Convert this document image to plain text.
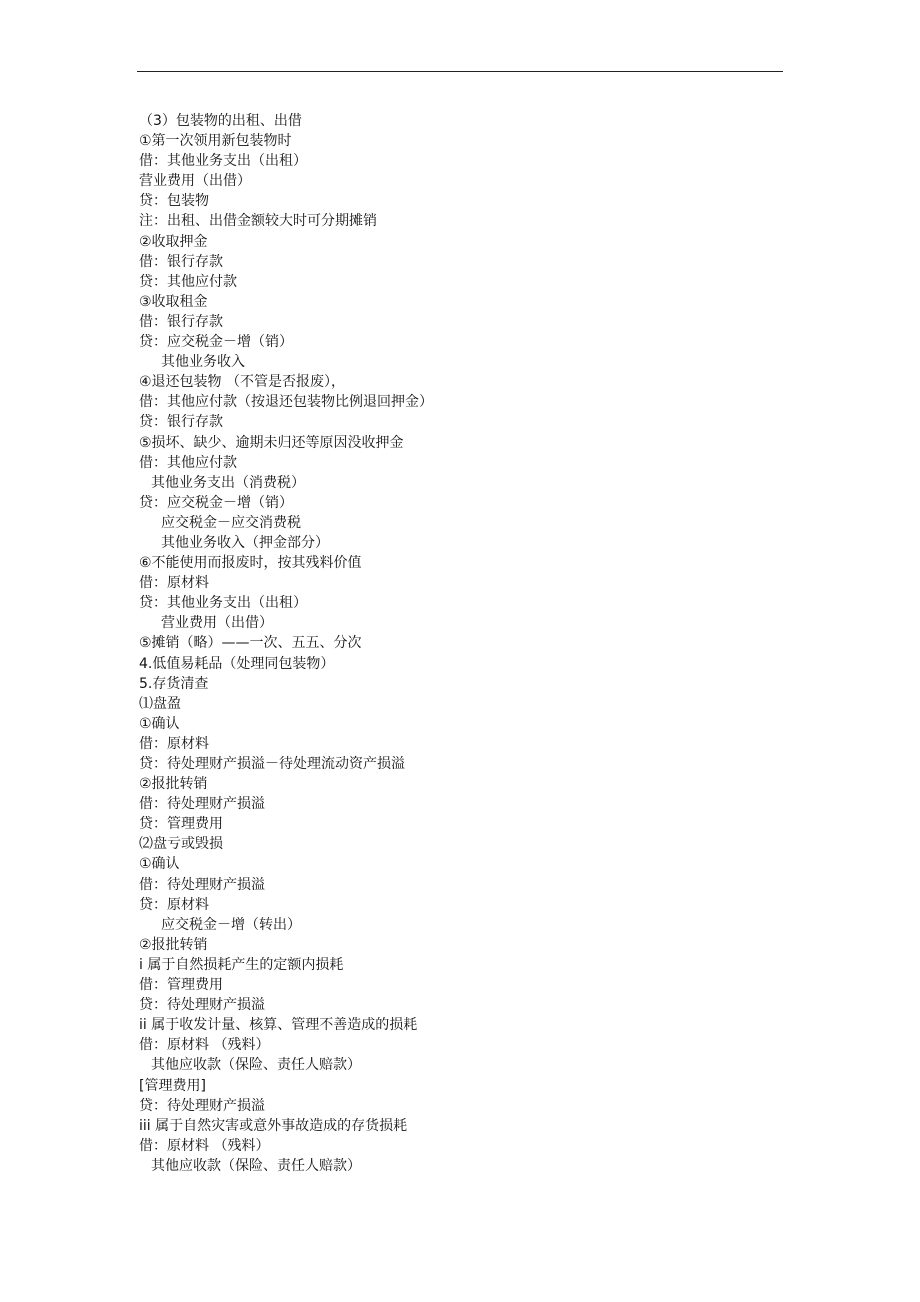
（3）包装物的出租、出借
①第一次领用新包装物时
借：其他业务支出（出租）
营业费用（出借）
贷：包装物
注：出租、出借金额较大时可分期摊销
②收取押金
借：银行存款
贷：其他应付款
③收取租金
借：银行存款
贷：应交税金－增（销）
其他业务收入
④退还包装物 （不管是否报废），
借：其他应付款（按退还包装物比例退回押金）
贷：银行存款
⑤损坏、缺少、逾期未归还等原因没收押金
借：其他应付款
其他业务支出（消费税）
贷：应交税金－增（销）
应交税金－应交消费税
其他业务收入（押金部分）
⑥不能使用而报废时，按其残料价值
借：原材料
贷：其他业务支出（出租）
营业费用（出借）
⑤摊销（略）——一次、五五、分次
4.低值易耗品（处理同包装物）
5.存货清查
⑴盘盈
①确认
借：原材料
贷：待处理财产损溢－待处理流动资产损溢
②报批转销
借：待处理财产损溢
贷：管理费用
⑵盘亏或毁损
①确认
借：待处理财产损溢
贷：原材料
应交税金－增（转出）
②报批转销
i 属于自然损耗产生的定额内损耗
借：管理费用
贷：待处理财产损溢
ii 属于收发计量、核算、管理不善造成的损耗
借：原材料 （残料）
其他应收款（保险、责任人赔款）
[管理费用]
贷：待处理财产损溢
iii 属于自然灾害或意外事故造成的存货损耗
借：原材料 （残料）
其他应收款（保险、责任人赔款）
